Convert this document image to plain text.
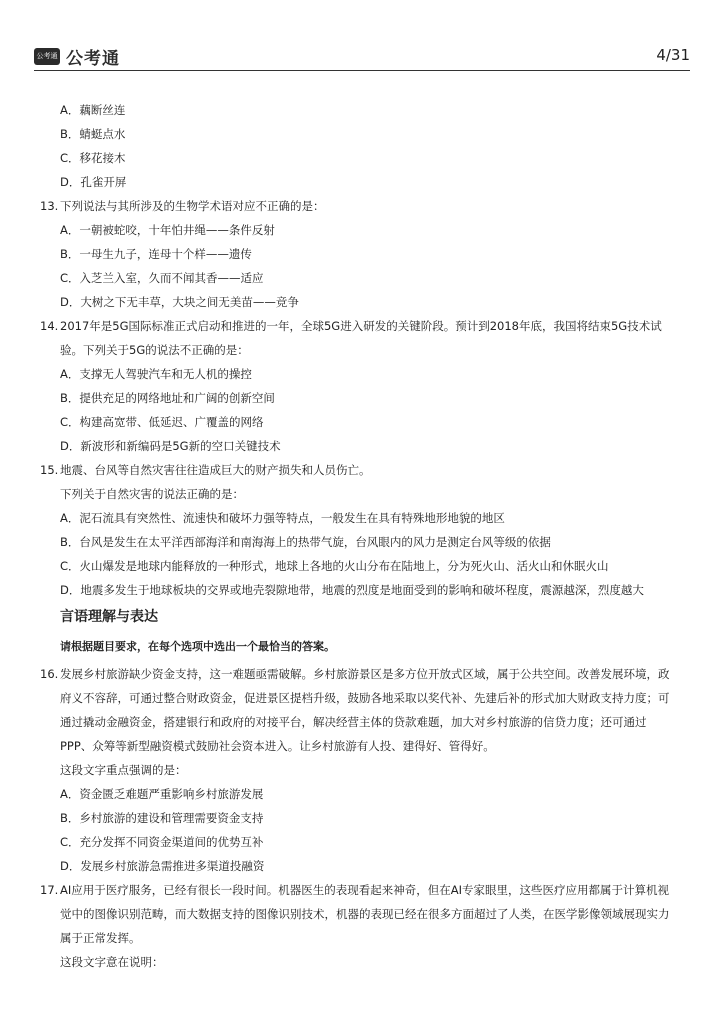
公考通 公考通	4/31
A．藕断丝连
B．蜻蜓点水
C．移花接木
D．孔雀开屏
13. 下列说法与其所涉及的生物学术语对应不正确的是：
A．一朝被蛇咬，十年怕井绳——条件反射
B．一母生九子，连母十个样——遗传
C．入芝兰入室，久而不闻其香——适应
D．大树之下无丰草，大块之间无美苗——竞争
14. 2017年是5G国际标准正式启动和推进的一年，全球5G进入研发的关键阶段。预计到2018年底，我国将结束5G技术试
验。下列关于5G的说法不正确的是：
A．支撑无人驾驶汽车和无人机的操控
B．提供充足的网络地址和广阔的创新空间
C．构建高宽带、低延迟、广覆盖的网络
D．新波形和新编码是5G新的空口关键技术
15. 地震、台风等自然灾害往往造成巨大的财产损失和人员伤亡。
下列关于自然灾害的说法正确的是：
A．泥石流具有突然性、流速快和破坏力强等特点，一般发生在具有特殊地形地貌的地区
B．台风是发生在太平洋西部海洋和南海海上的热带气旋，台风眼内的风力是测定台风等级的依据
C．火山爆发是地球内能释放的一种形式，地球上各地的火山分布在陆地上，分为死火山、活火山和休眠火山
D．地震多发生于地球板块的交界或地壳裂隙地带，地震的烈度是地面受到的影响和破坏程度，震源越深，烈度越大
言语理解与表达
请根据题目要求，在每个选项中选出一个最恰当的答案。
16. 发展乡村旅游缺少资金支持，这一难题亟需破解。乡村旅游景区是多方位开放式区域，属于公共空间。改善发展环境，政
府义不容辞，可通过整合财政资金，促进景区提档升级，鼓励各地采取以奖代补、先建后补的形式加大财政支持力度；可
通过撬动金融资金，搭建银行和政府的对接平台，解决经营主体的贷款难题，加大对乡村旅游的信贷力度；还可通过
PPP、众筹等新型融资模式鼓励社会资本进入。让乡村旅游有人投、建得好、管得好。
这段文字重点强调的是：
A．资金匮乏难题严重影响乡村旅游发展
B．乡村旅游的建设和管理需要资金支持
C．充分发挥不同资金渠道间的优势互补
D．发展乡村旅游急需推进多渠道投融资
17. AI应用于医疗服务，已经有很长一段时间。机器医生的表现看起来神奇，但在AI专家眼里，这些医疗应用都属于计算机视
觉中的图像识别范畴，而大数据支持的图像识别技术，机器的表现已经在很多方面超过了人类，在医学影像领域展现实力
属于正常发挥。
这段文字意在说明：
